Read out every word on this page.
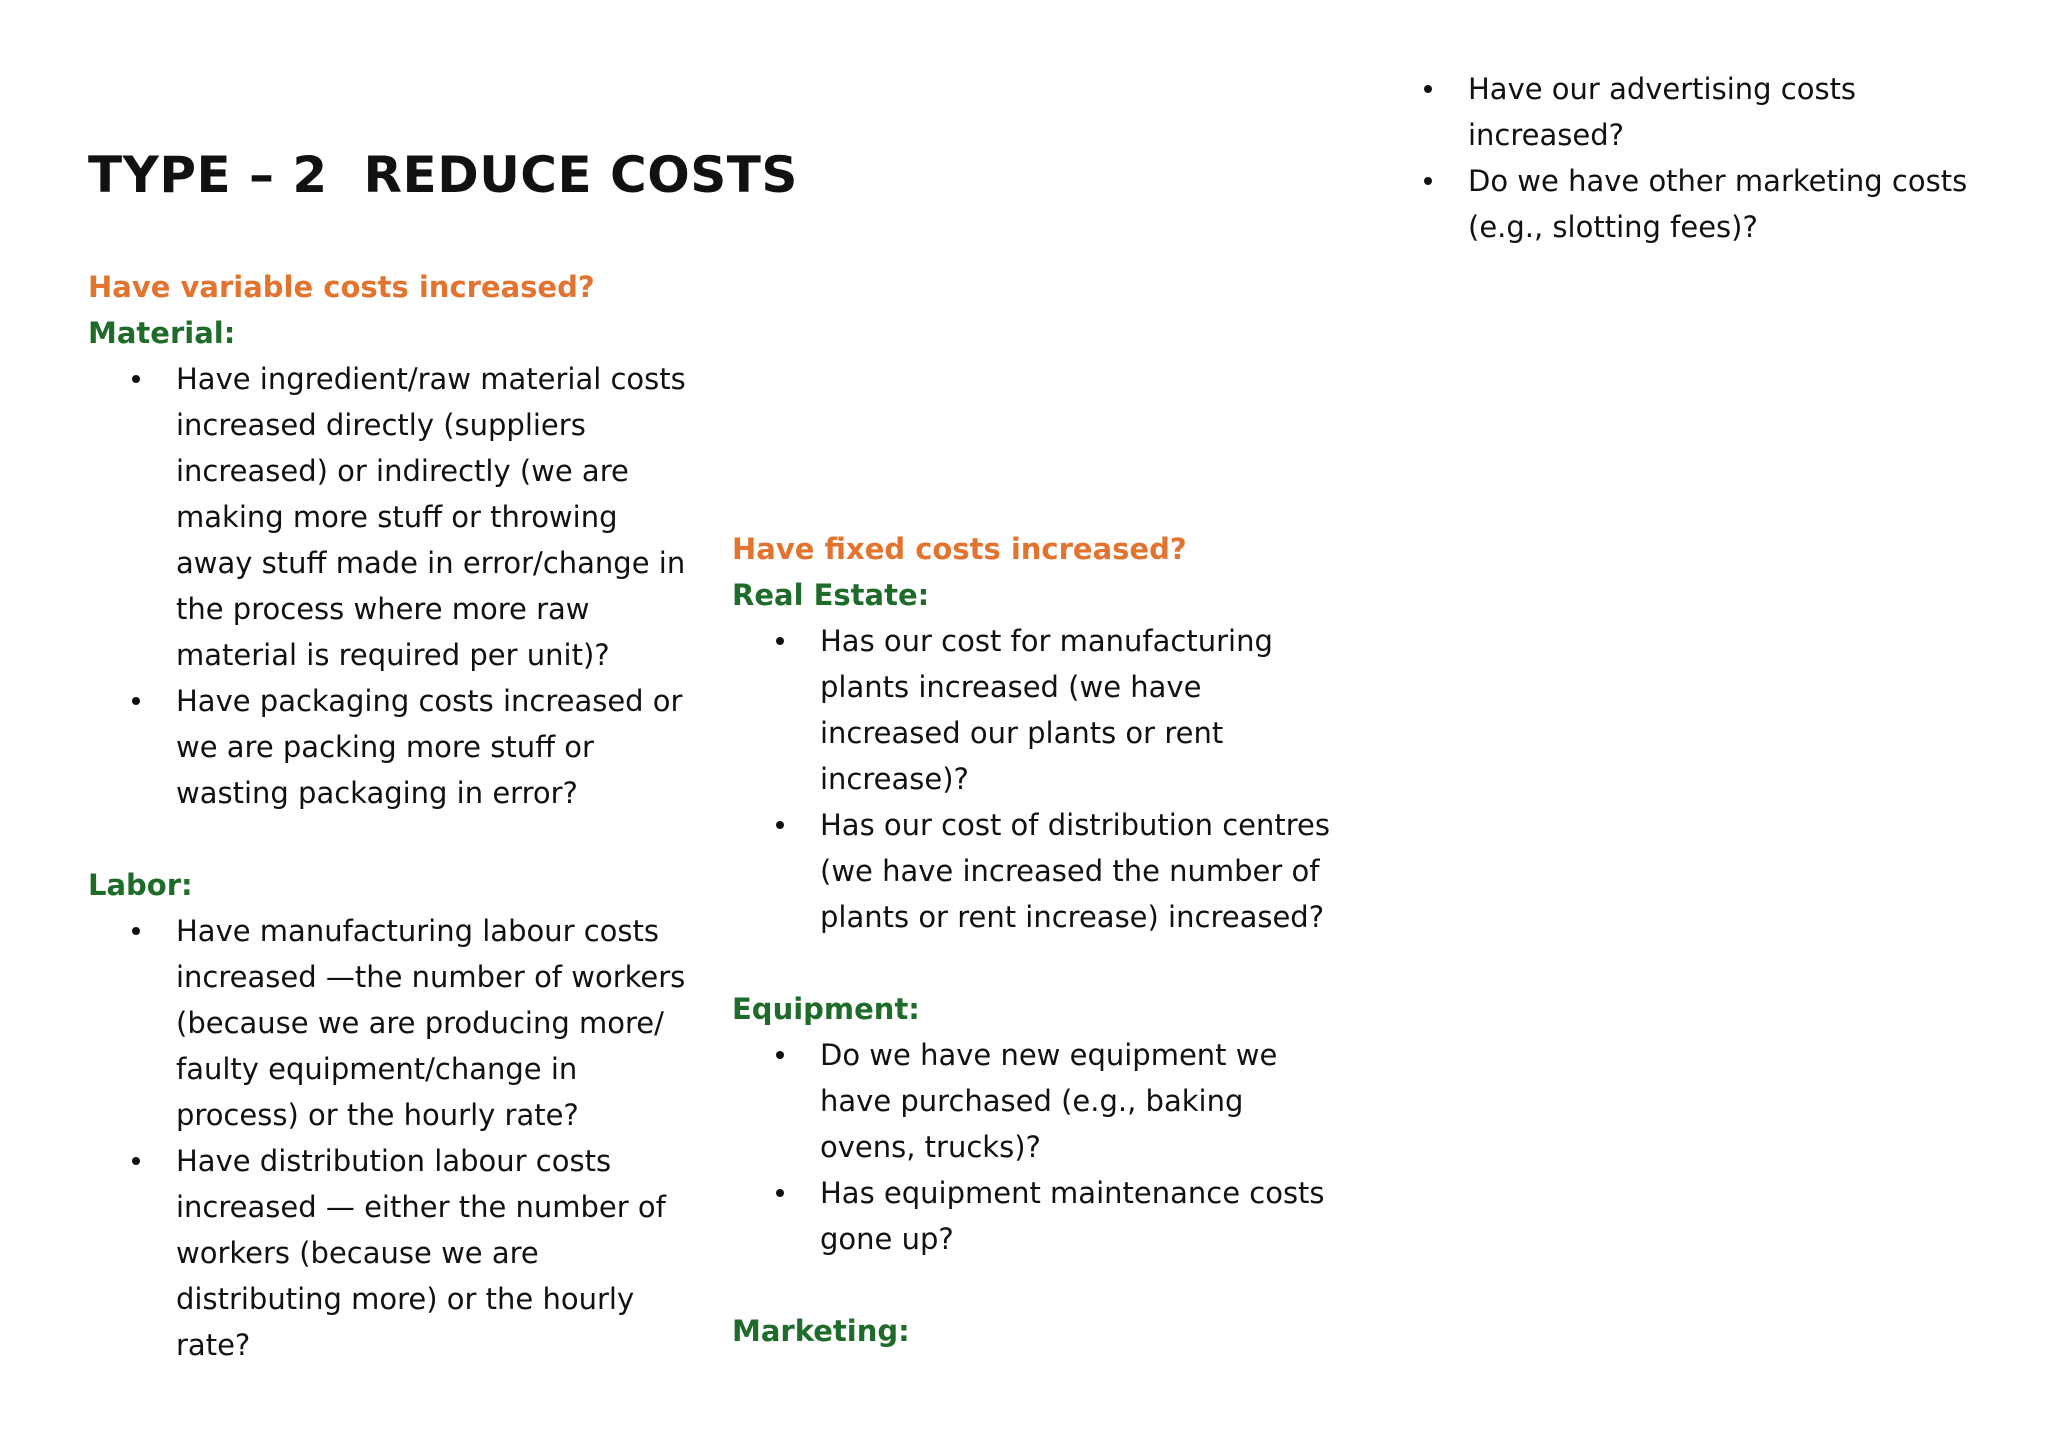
TYPE – 2  REDUCE COSTS

Have variable costs increased?

Material:

Have ingredient/raw material costs increased directly (suppliers increased) or indirectly (we are making more stuff or throwing away stuff made in error/change in the process where more raw material is required per unit)?
Have packaging costs increased or we are packing more stuff or wasting packaging in error?

Labor:

Have manufacturing labour costs increased —the number of workers (because we are producing more/ faulty equipment/change in process) or the hourly rate?
Have distribution labour costs increased — either the number of workers (because we are distributing more) or the hourly rate?

Have fixed costs increased?

Real Estate:

Has our cost for manufacturing plants increased (we have increased our plants or rent increase)?
Has our cost of distribution centres (we have increased the number of plants or rent increase) increased?

Equipment:

Do we have new equipment we have purchased (e.g., baking ovens, trucks)?
Has equipment maintenance costs gone up?

Marketing:

Have our advertising costs increased?
Do we have other marketing costs (e.g., slotting fees)?
